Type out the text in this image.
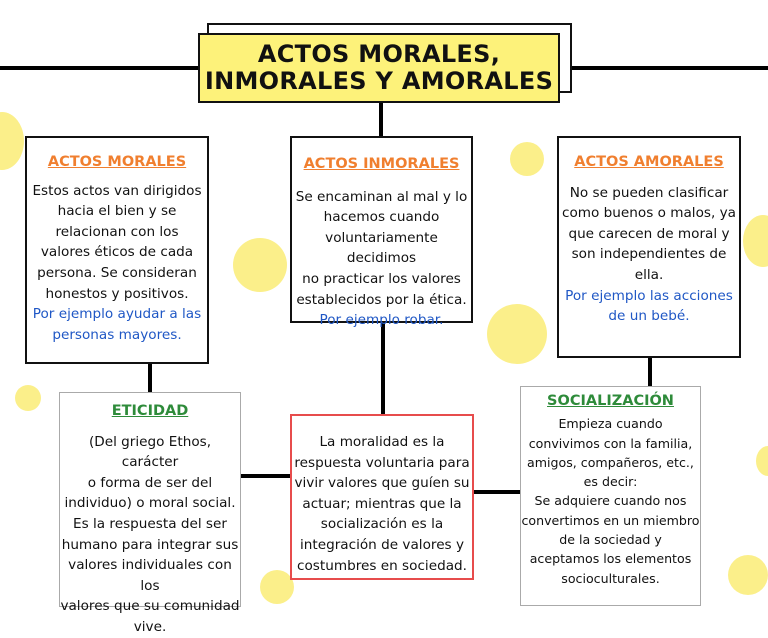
ACTOS MORALES,
INMORALES Y AMORALES
ACTOS MORALES

Estos actos van dirigidos

hacia el bien y se

relacionan con los

valores éticos de cada

persona. Se consideran

honestos y positivos.

Por ejemplo ayudar a las

personas mayores.

ACTOS INMORALES

Se encaminan al mal y lo

hacemos cuando

voluntariamente decidimos

no practicar los valores

establecidos por la ética.

Por ejemplo robar.

ACTOS AMORALES

No se pueden clasificar

como buenos o malos, ya

que carecen de moral y

son independientes de

ella.

Por ejemplo las acciones

de un bebé.

ETICIDAD

(Del griego Ethos, carácter

o forma de ser del

individuo) o moral social.

Es la respuesta del ser

humano para integrar sus

valores individuales con los

valores que su comunidad

vive.

La moralidad es la

respuesta voluntaria para

vivir valores que guíen su

actuar; mientras que la

socialización es la

integración de valores y

costumbres en sociedad.

SOCIALIZACIÓN

Empieza cuando

convivimos con la familia,

amigos, compañeros, etc.,

es decir:

Se adquiere cuando nos

convertimos en un miembro

de la sociedad y

aceptamos los elementos

socioculturales.
